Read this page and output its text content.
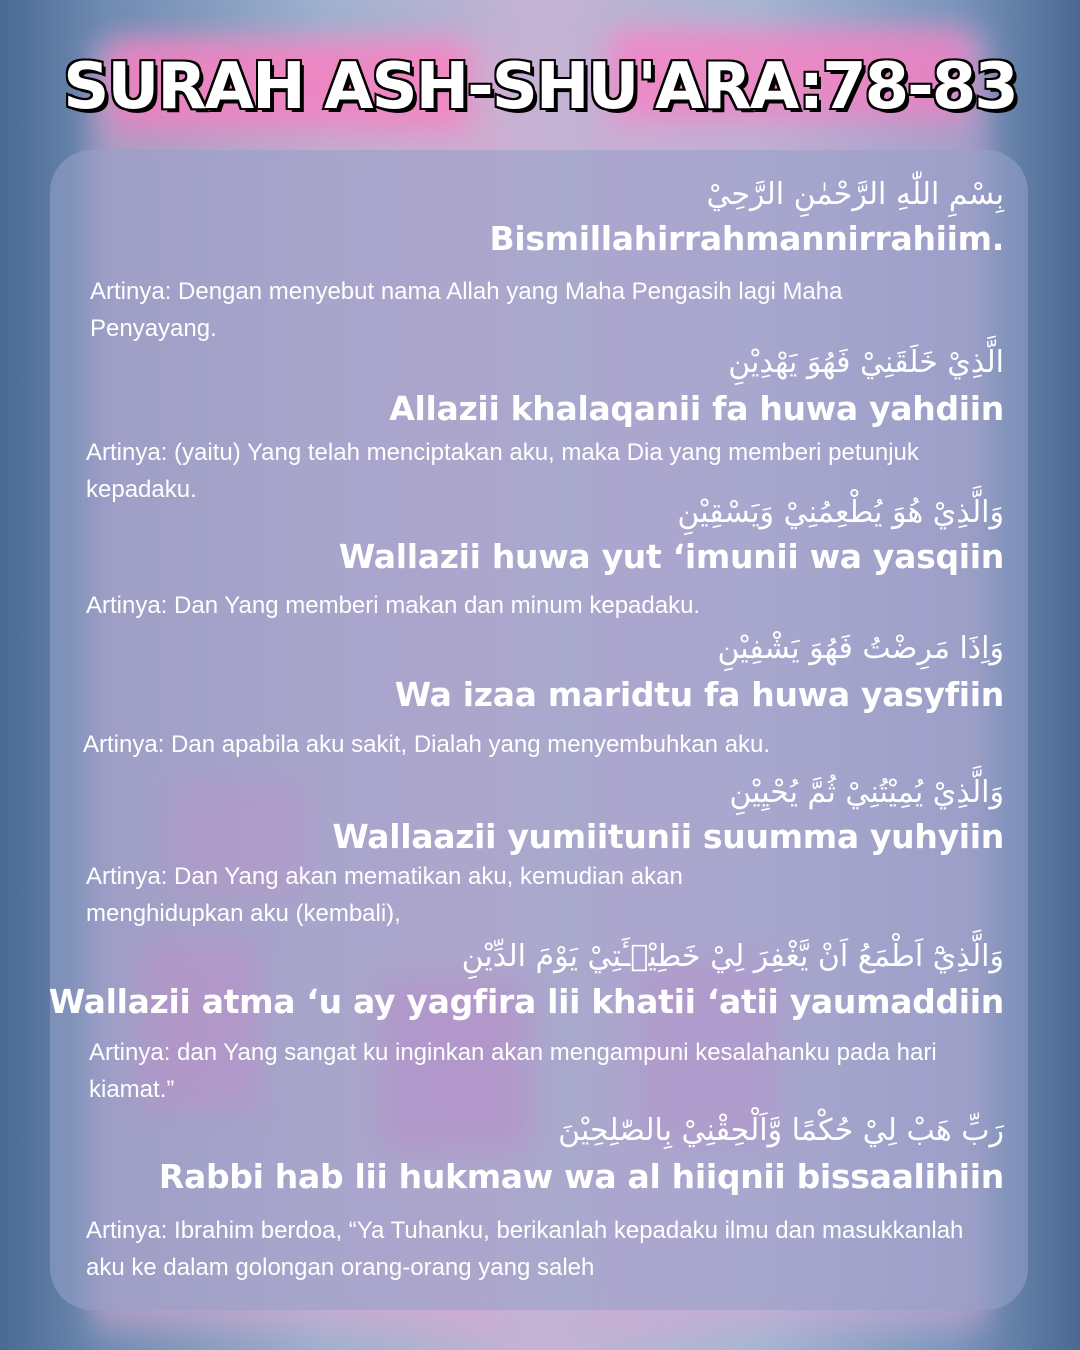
SURAH ASH-SHU'ARA:78-83
بِسْمِ اللّٰهِ الرَّحْمٰنِ الرَّحِيْ
Bismillahirrahmannirrahiim.
Artinya: Dengan menyebut nama Allah yang Maha Pengasih lagi Maha Penyayang.
الَّذِيْ خَلَقَنِيْ فَهُوَ يَهْدِيْنِ
Allazii khalaqanii fa huwa yahdiin
Artinya: (yaitu) Yang telah menciptakan aku, maka Dia yang memberi petunjuk kepadaku.
وَالَّذِيْ هُوَ يُطْعِمُنِيْ وَيَسْقِيْنِ
Wallazii huwa yut ‘imunii wa yasqiin
Artinya: Dan Yang memberi makan dan minum kepadaku.
وَاِذَا مَرِضْتُ فَهُوَ يَشْفِيْنِ
Wa izaa maridtu fa huwa yasyfiin
Artinya: Dan apabila aku sakit, Dialah yang menyembuhkan aku.
وَالَّذِيْ يُمِيْتُنِيْ ثُمَّ يُحْيِيْنِ
Wallaazii yumiitunii suumma yuhyiin
Artinya: Dan Yang akan mematikan aku, kemudian akan menghidupkan aku (kembali),
وَالَّذِيْٓ اَطْمَعُ اَنْ يَّغْفِرَ لِيْ خَطِيْۤـَٔتِيْ يَوْمَ الدِّيْنِ
Wallazii atma ‘u ay yagfira lii khatii ‘atii yaumaddiin
Artinya: dan Yang sangat ku inginkan akan mengampuni kesalahanku pada hari kiamat.”
رَبِّ هَبْ لِيْ حُكْمًا وَّاَلْحِقْنِيْ بِالصّٰلِحِيْنَ
Rabbi hab lii hukmaw wa al hiiqnii bissaalihiin
Artinya: Ibrahim berdoa, “Ya Tuhanku, berikanlah kepadaku ilmu dan masukkanlah aku ke dalam golongan orang-orang yang saleh
